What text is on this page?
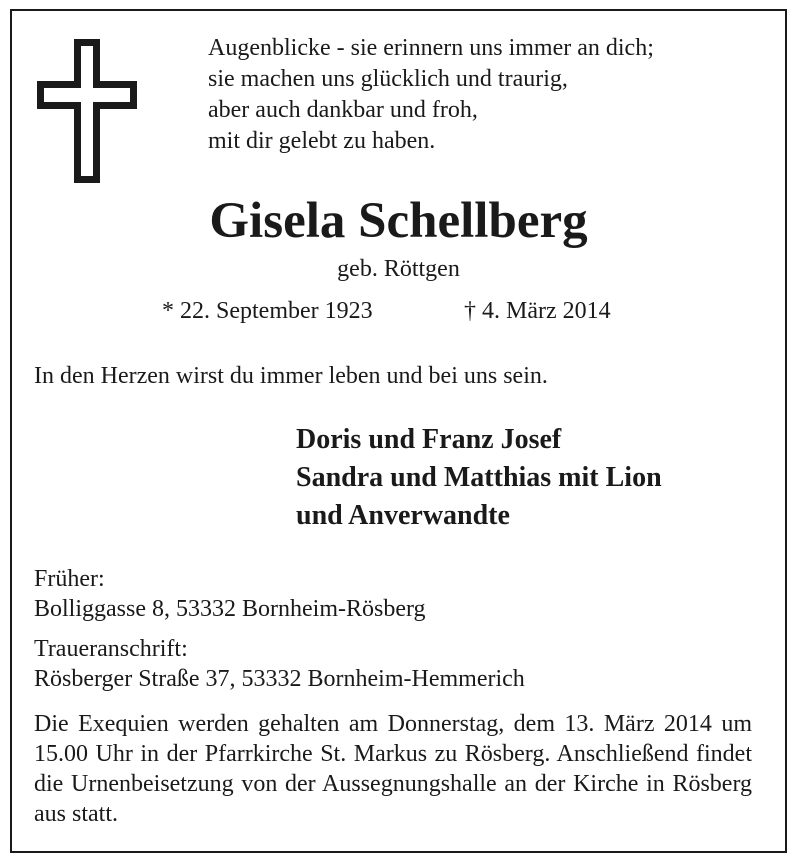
Augenblicke - sie erinnern uns immer an dich;
sie machen uns glücklich und traurig,
aber auch dankbar und froh,
mit dir gelebt zu haben.
Gisela Schellberg
geb. Röttgen
* 22. September 1923	† 4. März 2014
In den Herzen wirst du immer leben und bei uns sein.
Doris und Franz Josef
Sandra und Matthias mit Lion
und Anverwandte
Früher:
Bolliggasse 8, 53332 Bornheim-Rösberg
Traueranschrift:
Rösberger Straße 37, 53332 Bornheim-Hemmerich
Die Exequien werden gehalten am Donnerstag, dem 13. März 2014 um 15.00 Uhr in der Pfarrkirche St. Markus zu Rösberg. Anschließend findet die Urnenbeisetzung von der Aussegnungshalle an der Kirche in Rösberg aus statt.
